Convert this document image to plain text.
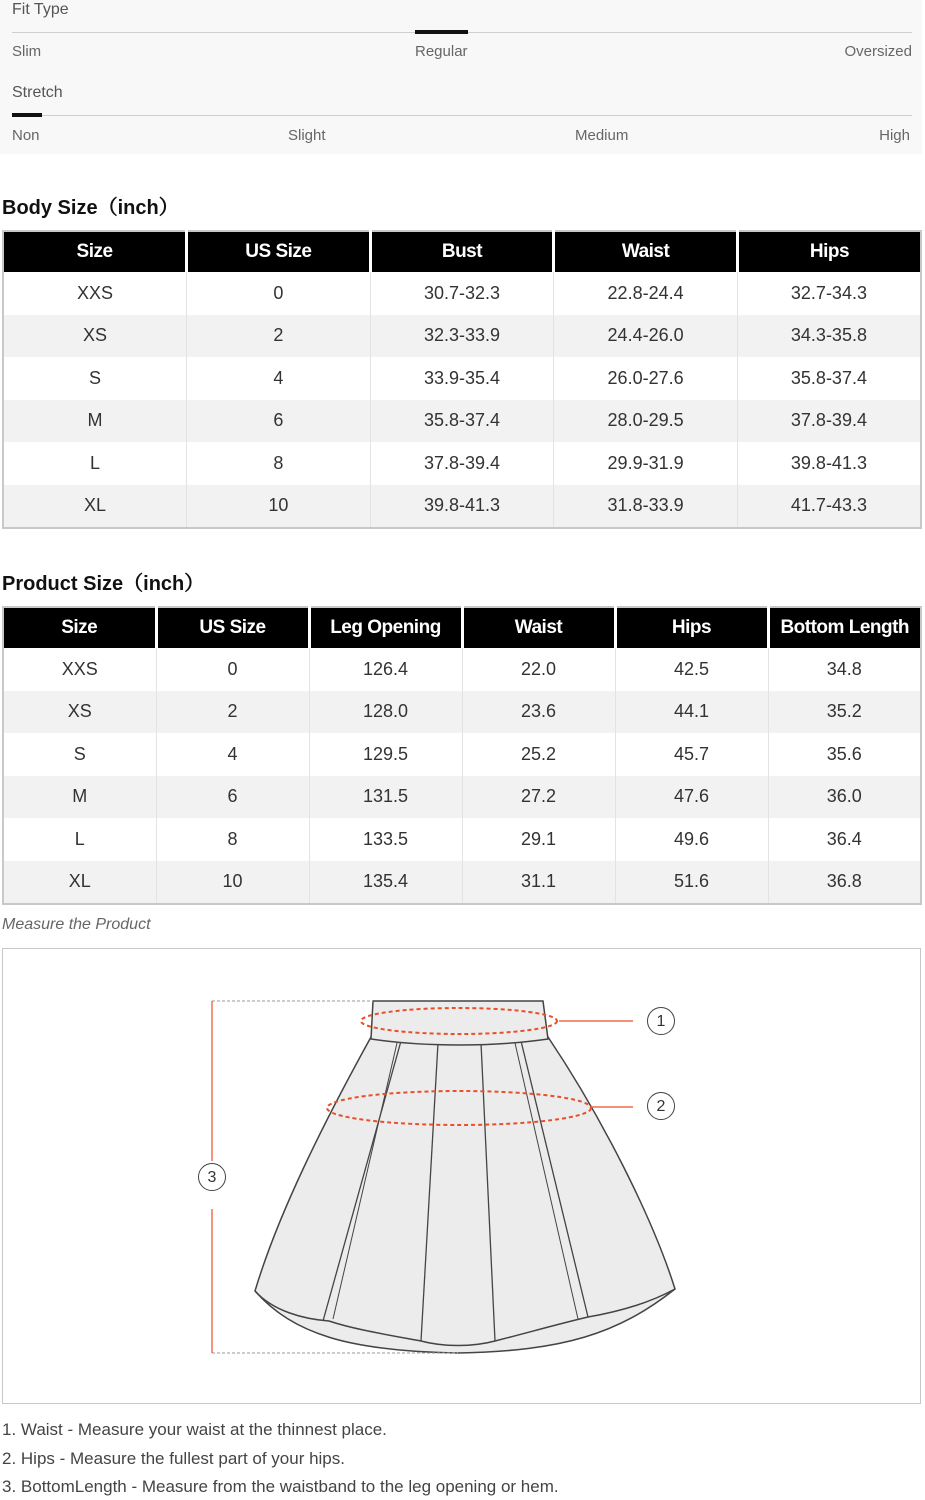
Fit Type
Slim	Regular	Oversized
Stretch
Non	Slight	Medium	High
Body Size（inch）
Size	US Size	Bust	Waist	Hips
XXS	0	30.7-32.3	22.8-24.4	32.7-34.3
XS	2	32.3-33.9	24.4-26.0	34.3-35.8
S	4	33.9-35.4	26.0-27.6	35.8-37.4
M	6	35.8-37.4	28.0-29.5	37.8-39.4
L	8	37.8-39.4	29.9-31.9	39.8-41.3
XL	10	39.8-41.3	31.8-33.9	41.7-43.3
Product Size（inch）
Size	US Size	Leg Opening	Waist	Hips	Bottom Length
XXS	0	126.4	22.0	42.5	34.8
XS	2	128.0	23.6	44.1	35.2
S	4	129.5	25.2	45.7	35.6
M	6	131.5	27.2	47.6	36.0
L	8	133.5	29.1	49.6	36.4
XL	10	135.4	31.1	51.6	36.8
Measure the Product
1
2
3
1. Waist - Measure your waist at the thinnest place.
2. Hips - Measure the fullest part of your hips.
3. BottomLength - Measure from the waistband to the leg opening or hem.
